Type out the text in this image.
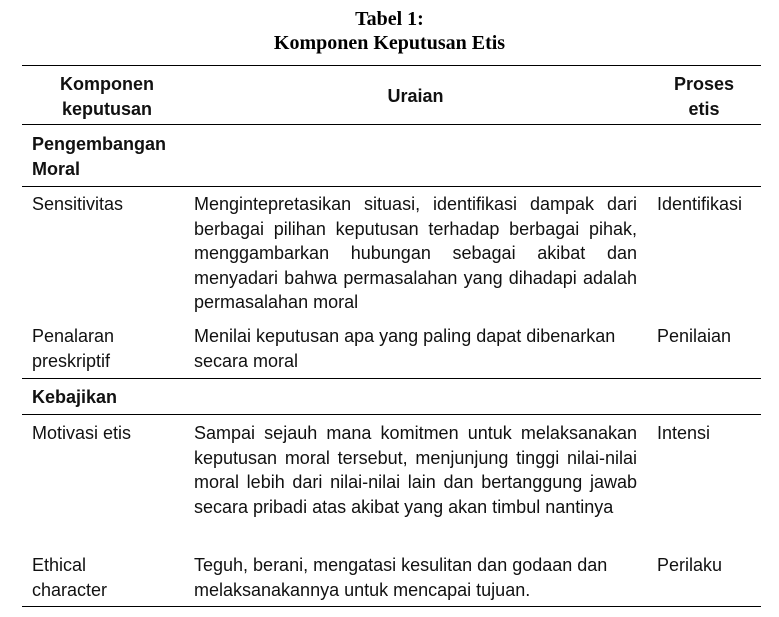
Tabel 1:
Komponen Keputusan Etis
Komponen
keputusan
Uraian
Proses
etis
Pengembangan
Moral
Sensitivitas	Mengintepretasikan situasi, identifikasi dampak dari berbagai pilihan keputusan terhadap berbagai pihak, menggambarkan hubungan sebagai akibat dan menyadari bahwa permasalahan yang dihadapi adalah permasalahan moral
Identifikasi
Penalaran
preskriptif
Menilai keputusan apa yang paling dapat dibenarkan secara moral
Penilaian
Kebajikan
Motivasi etis	Sampai sejauh mana komitmen untuk melaksanakan keputusan moral tersebut, menjunjung tinggi nilai-nilai moral lebih dari nilai-nilai lain dan bertanggung jawab secara pribadi atas akibat yang akan timbul nantinya
Intensi
Ethical
character
Teguh, berani, mengatasi kesulitan dan godaan dan melaksanakannya untuk mencapai tujuan.
Perilaku
